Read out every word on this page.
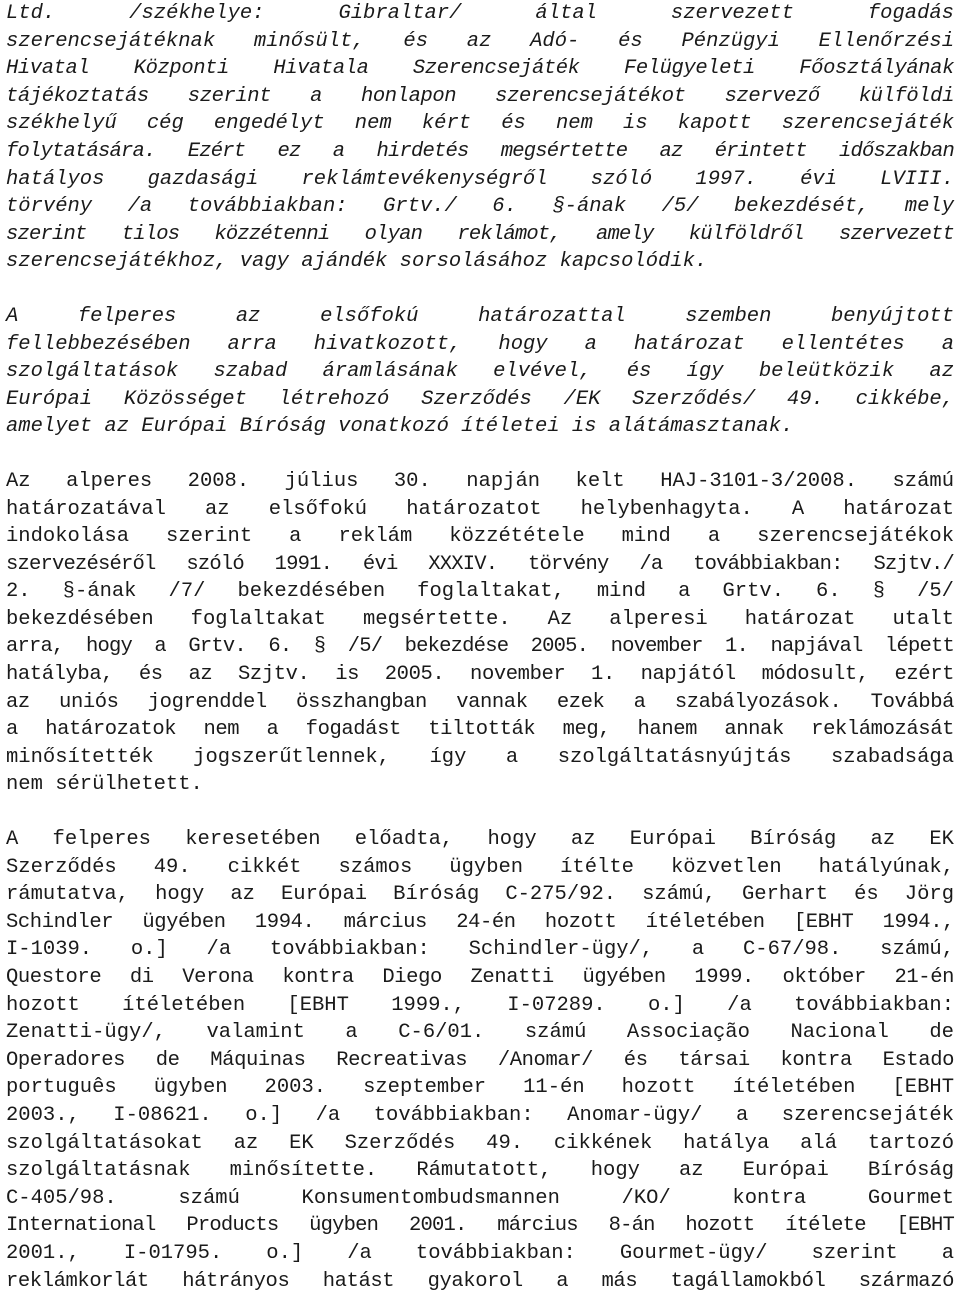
Ltd. /székhelye: Gibraltar/ által szervezett fogadás
szerencsejátéknak minősült, és az Adó- és Pénzügyi Ellenőrzési
Hivatal Központi Hivatala Szerencsejáték Felügyeleti Főosztályának
tájékoztatás szerint a honlapon szerencsejátékot szervező külföldi
székhelyű cég engedélyt nem kért és nem is kapott szerencsejáték
folytatására. Ezért ez a hirdetés megsértette az érintett időszakban
hatályos gazdasági reklámtevékenységről szóló 1997. évi LVIII.
törvény /a továbbiakban: Grtv./ 6. §-ának /5/ bekezdését, mely
szerint tilos közzétenni olyan reklámot, amely külföldről szervezett
szerencsejátékhoz, vagy ajándék sorsolásához kapcsolódik.
A felperes az elsőfokú határozattal szemben benyújtott
fellebbezésében arra hivatkozott, hogy a határozat ellentétes a
szolgáltatások szabad áramlásának elvével, és így beleütközik az
Európai Közösséget létrehozó Szerződés /EK Szerződés/ 49. cikkébe,
amelyet az Európai Bíróság vonatkozó ítéletei is alátámasztanak.
Az alperes 2008. július 30. napján kelt HAJ-3101-3/2008. számú
határozatával az elsőfokú határozatot helybenhagyta. A határozat
indokolása szerint a reklám közzététele mind a szerencsejátékok
szervezéséről szóló 1991. évi XXXIV. törvény /a továbbiakban: Szjtv./
2. §-ának /7/ bekezdésében foglaltakat, mind a Grtv. 6. § /5/
bekezdésében foglaltakat megsértette. Az alperesi határozat utalt
arra, hogy a Grtv. 6. § /5/ bekezdése 2005. november 1. napjával lépett
hatályba, és az Szjtv. is 2005. november 1. napjától módosult, ezért
az uniós jogrenddel összhangban vannak ezek a szabályozások. Továbbá
a határozatok nem a fogadást tiltották meg, hanem annak reklámozását
minősítették jogszerűtlennek, így a szolgáltatásnyújtás szabadsága
nem sérülhetett.
A felperes keresetében előadta, hogy az Európai Bíróság az EK
Szerződés 49. cikkét számos ügyben ítélte közvetlen hatályúnak,
rámutatva, hogy az Európai Bíróság C-275/92. számú, Gerhart és Jörg
Schindler ügyében 1994. március 24-én hozott ítéletében [EBHT 1994.,
I-1039. o.] /a továbbiakban: Schindler-ügy/, a C-67/98. számú,
Questore di Verona kontra Diego Zenatti ügyében 1999. október 21-én
hozott ítéletében [EBHT 1999., I-07289. o.] /a továbbiakban:
Zenatti-ügy/, valamint a C-6/01. számú Associação Nacional de
Operadores de Máquinas Recreativas /Anomar/ és társai kontra Estado
português ügyben 2003. szeptember 11-én hozott ítéletében [EBHT
2003., I-08621. o.] /a továbbiakban: Anomar-ügy/ a szerencsejáték
szolgáltatásokat az EK Szerződés 49. cikkének hatálya alá tartozó
szolgáltatásnak minősítette. Rámutatott, hogy az Európai Bíróság
C-405/98. számú Konsumentombudsmannen /KO/ kontra Gourmet
International Products ügyben 2001. március 8-án hozott ítélete [EBHT
2001., I-01795. o.] /a továbbiakban: Gourmet-ügy/ szerint a
reklámkorlát hátrányos hatást gyakorol a más tagállamokból származó
